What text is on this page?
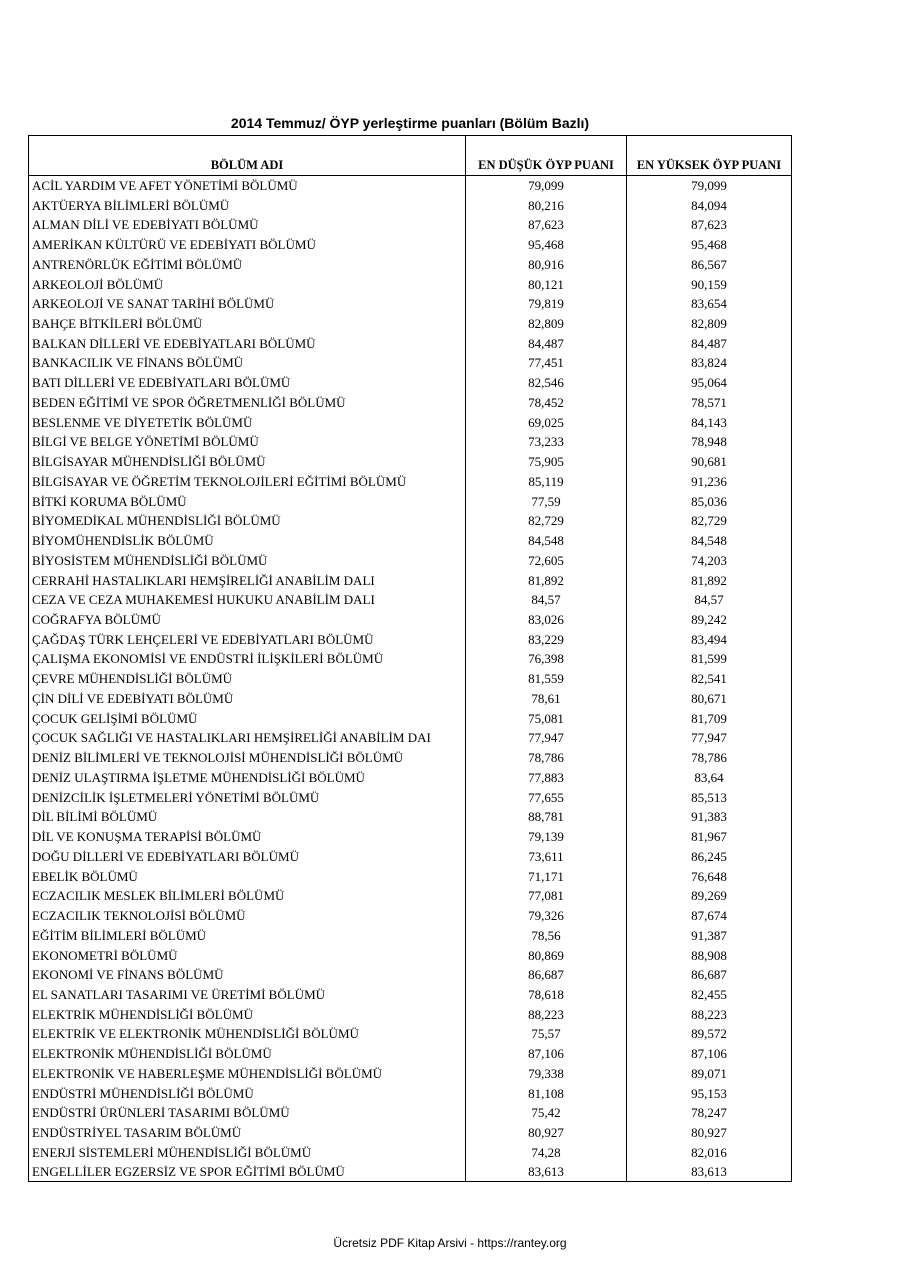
2014 Temmuz/ ÖYP yerleştirme puanları (Bölüm Bazlı)
BÖLÜM ADI	EN DÜŞÜK ÖYP PUANI	EN YÜKSEK ÖYP PUANI
ACİL YARDIM VE AFET YÖNETİMİ BÖLÜMÜ	79,099	79,099
AKTÜERYA BİLİMLERİ BÖLÜMÜ	80,216	84,094
ALMAN DİLİ VE EDEBİYATI BÖLÜMÜ	87,623	87,623
AMERİKAN KÜLTÜRÜ VE EDEBİYATI BÖLÜMÜ	95,468	95,468
ANTRENÖRLÜK EĞİTİMİ BÖLÜMÜ	80,916	86,567
ARKEOLOJİ BÖLÜMÜ	80,121	90,159
ARKEOLOJİ VE SANAT TARİHİ BÖLÜMÜ	79,819	83,654
BAHÇE BİTKİLERİ BÖLÜMÜ	82,809	82,809
BALKAN DİLLERİ VE EDEBİYATLARI BÖLÜMÜ	84,487	84,487
BANKACILIK VE FİNANS BÖLÜMÜ	77,451	83,824
BATI DİLLERİ VE EDEBİYATLARI BÖLÜMÜ	82,546	95,064
BEDEN EĞİTİMİ VE SPOR ÖĞRETMENLİĞİ BÖLÜMÜ	78,452	78,571
BESLENME VE DİYETETİK BÖLÜMÜ	69,025	84,143
BİLGİ VE BELGE YÖNETİMİ BÖLÜMÜ	73,233	78,948
BİLGİSAYAR MÜHENDİSLİĞİ BÖLÜMÜ	75,905	90,681
BİLGİSAYAR VE ÖĞRETİM TEKNOLOJİLERİ EĞİTİMİ BÖLÜMÜ	85,119	91,236
BİTKİ KORUMA BÖLÜMÜ	77,59	85,036
BİYOMEDİKAL MÜHENDİSLİĞİ BÖLÜMÜ	82,729	82,729
BİYOMÜHENDİSLİK BÖLÜMÜ	84,548	84,548
BİYOSİSTEM MÜHENDİSLİĞİ BÖLÜMÜ	72,605	74,203
CERRAHİ HASTALIKLARI HEMŞİRELİĞİ ANABİLİM DALI	81,892	81,892
CEZA VE CEZA MUHAKEMESİ HUKUKU ANABİLİM DALI	84,57	84,57
COĞRAFYA BÖLÜMÜ	83,026	89,242
ÇAĞDAŞ TÜRK LEHÇELERİ VE EDEBİYATLARI BÖLÜMÜ	83,229	83,494
ÇALIŞMA EKONOMİSİ VE ENDÜSTRİ İLİŞKİLERİ BÖLÜMÜ	76,398	81,599
ÇEVRE MÜHENDİSLİĞİ BÖLÜMÜ	81,559	82,541
ÇİN DİLİ VE EDEBİYATI BÖLÜMÜ	78,61	80,671
ÇOCUK GELİŞİMİ BÖLÜMÜ	75,081	81,709
ÇOCUK SAĞLIĞI VE HASTALIKLARI HEMŞİRELİĞİ ANABİLİM DAI	77,947	77,947
DENİZ BİLİMLERİ VE TEKNOLOJİSİ MÜHENDİSLİĞİ BÖLÜMÜ	78,786	78,786
DENİZ ULAŞTIRMA İŞLETME MÜHENDİSLİĞİ BÖLÜMÜ	77,883	83,64
DENİZCİLİK İŞLETMELERİ YÖNETİMİ BÖLÜMÜ	77,655	85,513
DİL BİLİMİ BÖLÜMÜ	88,781	91,383
DİL VE KONUŞMA TERAPİSİ BÖLÜMÜ	79,139	81,967
DOĞU DİLLERİ VE EDEBİYATLARI BÖLÜMÜ	73,611	86,245
EBELİK BÖLÜMÜ	71,171	76,648
ECZACILIK MESLEK BİLİMLERİ BÖLÜMÜ	77,081	89,269
ECZACILIK TEKNOLOJİSİ BÖLÜMÜ	79,326	87,674
EĞİTİM BİLİMLERİ BÖLÜMÜ	78,56	91,387
EKONOMETRİ BÖLÜMÜ	80,869	88,908
EKONOMİ VE FİNANS BÖLÜMÜ	86,687	86,687
EL SANATLARI TASARIMI VE ÜRETİMİ BÖLÜMÜ	78,618	82,455
ELEKTRİK MÜHENDİSLİĞİ BÖLÜMÜ	88,223	88,223
ELEKTRİK VE ELEKTRONİK MÜHENDİSLİĞİ BÖLÜMÜ	75,57	89,572
ELEKTRONİK MÜHENDİSLİĞİ BÖLÜMÜ	87,106	87,106
ELEKTRONİK VE HABERLEŞME MÜHENDİSLİĞİ BÖLÜMÜ	79,338	89,071
ENDÜSTRİ MÜHENDİSLİĞİ BÖLÜMÜ	81,108	95,153
ENDÜSTRİ ÜRÜNLERİ TASARIMI BÖLÜMÜ	75,42	78,247
ENDÜSTRİYEL TASARIM BÖLÜMÜ	80,927	80,927
ENERJİ SİSTEMLERİ MÜHENDİSLİĞİ BÖLÜMÜ	74,28	82,016
ENGELLİLER EGZERSİZ VE SPOR EĞİTİMİ BÖLÜMÜ	83,613	83,613
Ücretsiz PDF Kitap Arsivi - https://rantey.org
